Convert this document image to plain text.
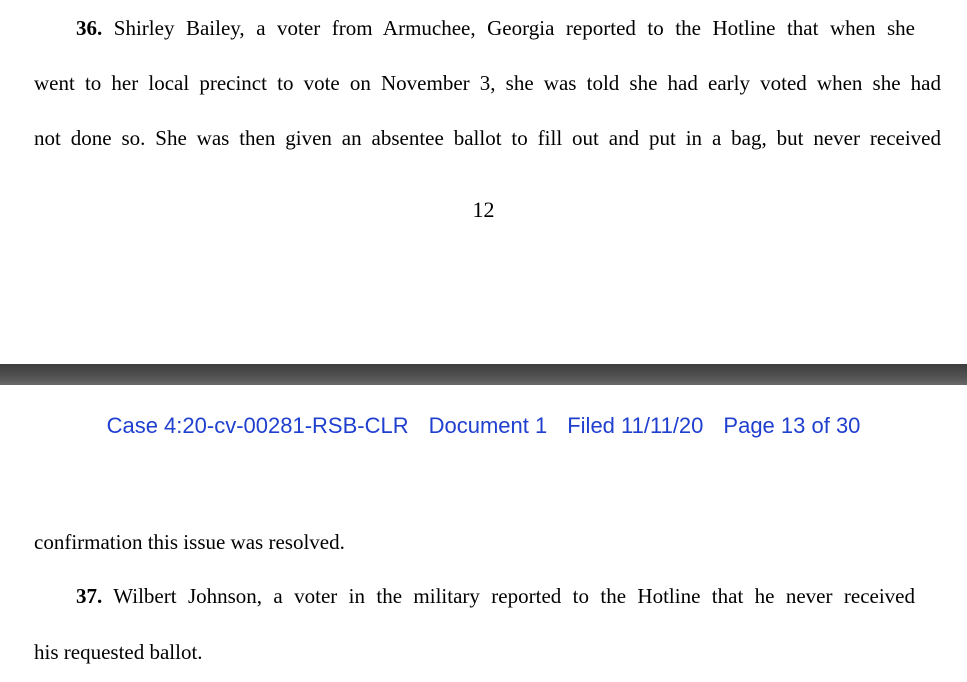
36. Shirley Bailey, a voter from Armuchee, Georgia reported to the Hotline that when she
went to her local precinct to vote on November 3, she was told she had early voted when she had
not done so. She was then given an absentee ballot to fill out and put in a bag, but never received
12
Case 4:20-cv-00281-RSB-CLR Document 1 Filed 11/11/20 Page 13 of 30
confirmation this issue was resolved.
37. Wilbert Johnson, a voter in the military reported to the Hotline that he never received
his requested ballot.
